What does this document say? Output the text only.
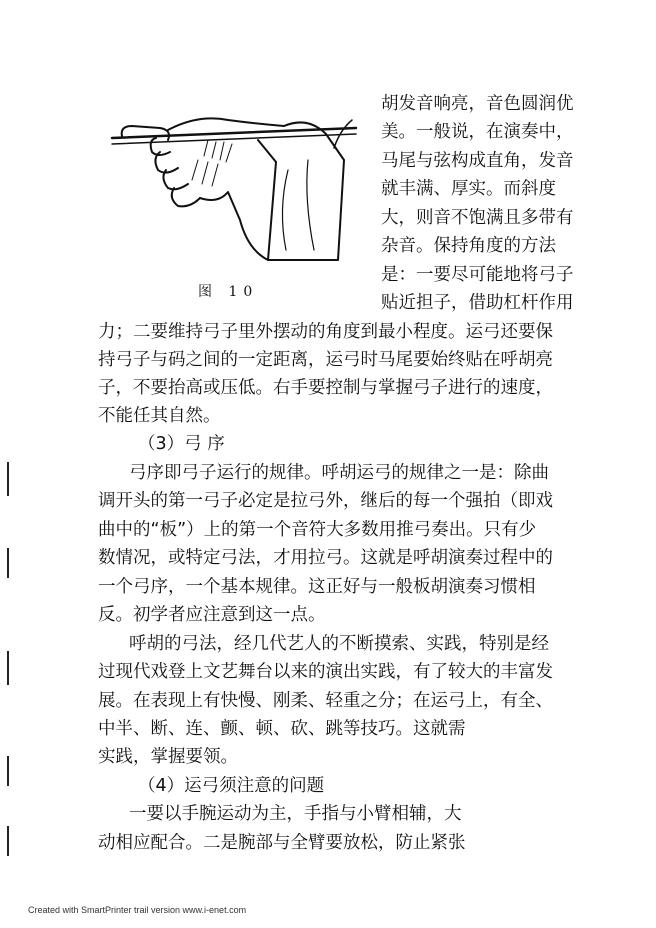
图 10
胡发音响亮，音色圆润优
美。一般说，在演奏中，
马尾与弦构成直角，发音
就丰满、厚实。而斜度
大，则音不饱满且多带有
杂音。保持角度的方法
是：一要尽可能地将弓子
贴近担子，借助杠杆作用
力；二要维持弓子里外摆动的角度到最小程度。运弓还要保
持弓子与码之间的一定距离，运弓时马尾要始终贴在呼胡亮
子，不要抬高或压低。右手要控制与掌握弓子进行的速度，
不能任其自然。
（3）弓 序
弓序即弓子运行的规律。呼胡运弓的规律之一是：除曲
调开头的第一弓子必定是拉弓外，继后的每一个强拍（即戏
曲中的“板”）上的第一个音符大多数用推弓奏出。只有少
数情况，或特定弓法，才用拉弓。这就是呼胡演奏过程中的
一个弓序，一个基本规律。这正好与一般板胡演奏习惯相
反。初学者应注意到这一点。
呼胡的弓法，经几代艺人的不断摸索、实践，特别是经
过现代戏登上文艺舞台以来的演出实践，有了较大的丰富发
展。在表现上有快慢、刚柔、轻重之分；在运弓上，有全、
中半、断、连、颤、顿、砍、跳等技巧。这就需
实践，掌握要领。
（4）运弓须注意的问题
一要以手腕运动为主，手指与小臂相辅，大
动相应配合。二是腕部与全臂要放松，防止紧张
Created with SmartPrinter trail version www.i-enet.com
